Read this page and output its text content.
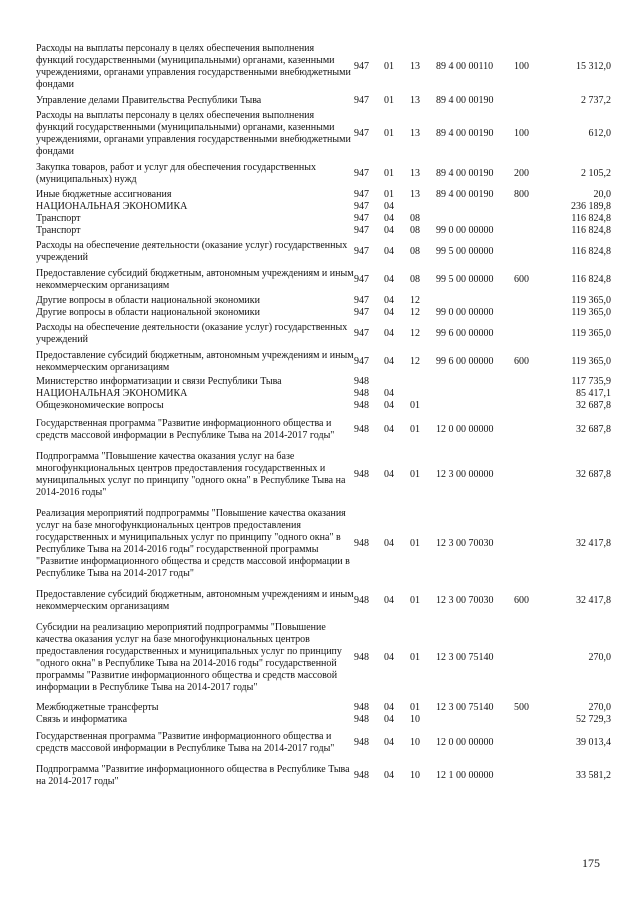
Расходы на выплаты персоналу в целях обеспечения выполнения функций государственными (муниципальными) органами, казенными учреждениями, органами управления государственными внебюджетными фондами	947	01	13	89 4 00 00110	100	15 312,0
Управление делами Правительства Республики Тыва	947	01	13	89 4 00 00190		2 737,2
Расходы на выплаты персоналу в целях обеспечения выполнения функций государственными (муниципальными) органами, казенными учреждениями, органами управления государственными внебюджетными фондами	947	01	13	89 4 00 00190	100	612,0
Закупка товаров, работ и услуг для обеспечения государственных (муниципальных) нужд	947	01	13	89 4 00 00190	200	2 105,2
Иные бюджетные ассигнования	947	01	13	89 4 00 00190	800	20,0
НАЦИОНАЛЬНАЯ ЭКОНОМИКА	947	04				236 189,8
Транспорт	947	04	08			116 824,8
Транспорт	947	04	08	99 0 00 00000		116 824,8
Расходы на обеспечение деятельности (оказание услуг) государственных учреждений	947	04	08	99 5 00 00000		116 824,8
Предоставление субсидий бюджетным, автономным учреждениям и иным некоммерческим организациям	947	04	08	99 5 00 00000	600	116 824,8
Другие вопросы в области национальной экономики	947	04	12			119 365,0
Другие вопросы в области национальной экономики	947	04	12	99 0 00 00000		119 365,0
Расходы на обеспечение деятельности (оказание услуг) государственных учреждений	947	04	12	99 6 00 00000		119 365,0
Предоставление субсидий бюджетным, автономным учреждениям и иным некоммерческим организациям	947	04	12	99 6 00 00000	600	119 365,0
Министерство информатизации и связи Республики Тыва	948					117 735,9
НАЦИОНАЛЬНАЯ ЭКОНОМИКА	948	04				85 417,1
Общеэкономические вопросы	948	04	01			32 687,8
Государственная программа "Развитие информационного общества и средств массовой информации в Республике Тыва на 2014-2017 годы"	948	04	01	12 0 00 00000		32 687,8
Подпрограмма "Повышение качества оказания услуг на базе многофункциональных центров предоставления государственных и муниципальных услуг по принципу "одного окна" в Республике Тыва на 2014-2016 годы"	948	04	01	12 3 00 00000		32 687,8
Реализация мероприятий подпрограммы "Повышение качества оказания услуг на базе многофункциональных центров предоставления государственных и муниципальных услуг по принципу "одного окна" в Республике Тыва на 2014-2016 годы" государственной программы "Развитие информационного общества и средств массовой информации в Республике Тыва на 2014-2017 годы"	948	04	01	12 3 00 70030		32 417,8
Предоставление субсидий бюджетным, автономным учреждениям и иным некоммерческим организациям	948	04	01	12 3 00 70030	600	32 417,8
Субсидии на реализацию мероприятий подпрограммы "Повышение качества оказания услуг на базе многофункциональных центров предоставления государственных и муниципальных услуг по принципу "одного окна" в Республике Тыва на 2014-2016 годы" государственной программы "Развитие информационного общества и средств массовой информации в Республике Тыва на 2014-2017 годы"	948	04	01	12 3 00 75140		270,0
Межбюджетные трансферты	948	04	01	12 3 00 75140	500	270,0
Связь и информатика	948	04	10			52 729,3
Государственная программа "Развитие информационного общества и средств массовой информации в Республике Тыва на 2014-2017 годы"	948	04	10	12 0 00 00000		39 013,4
Подпрограмма "Развитие информационного общества в Республике Тыва на 2014-2017 годы"	948	04	10	12 1 00 00000		33 581,2
175
